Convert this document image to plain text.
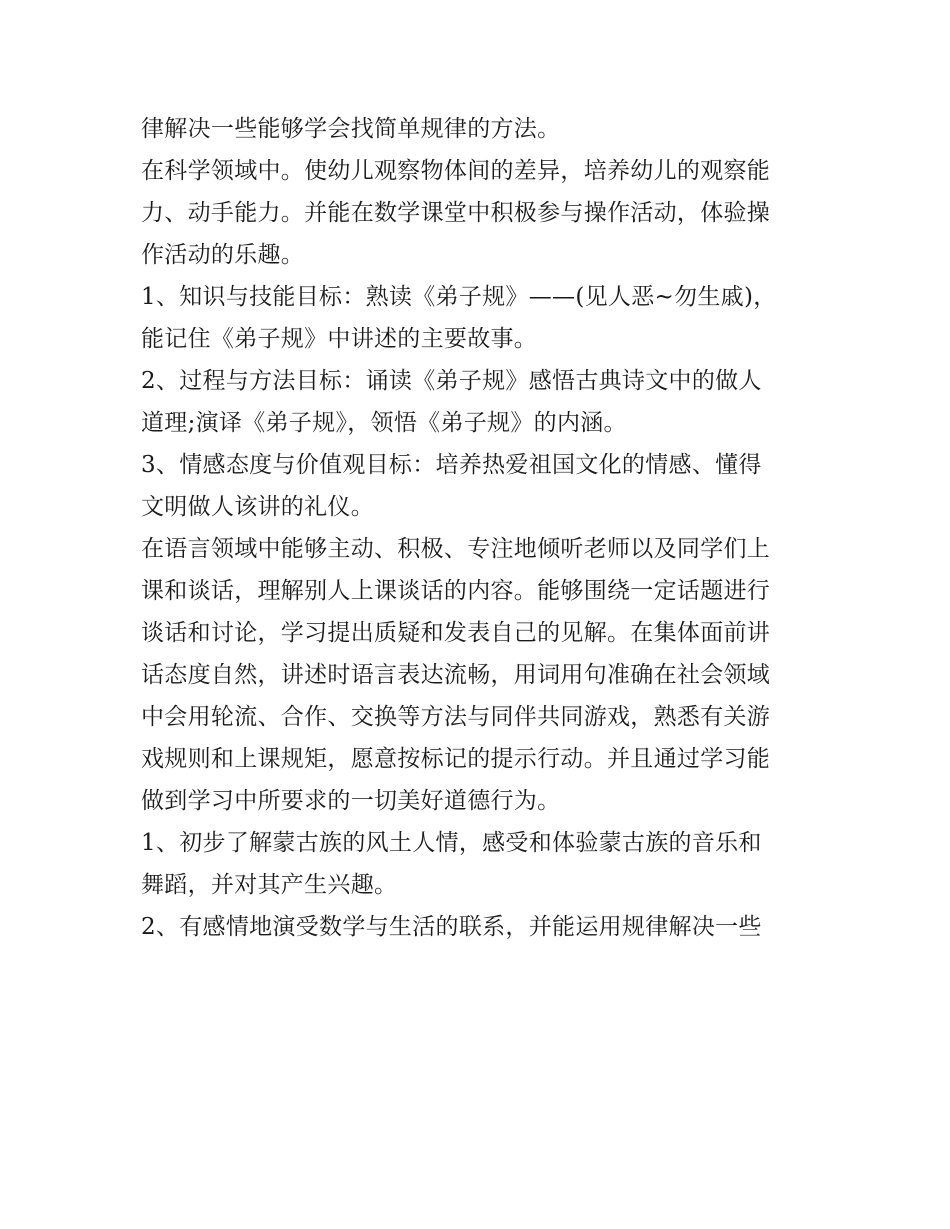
律解决一些能够学会找简单规律的方法。
在科学领域中。使幼儿观察物体间的差异，培养幼儿的观察能
力、动手能力。并能在数学课堂中积极参与操作活动，体验操
作活动的乐趣。
1、知识与技能目标：熟读《弟子规》——(见人恶~勿生戚)，
能记住《弟子规》中讲述的主要故事。
2、过程与方法目标：诵读《弟子规》感悟古典诗文中的做人
道理;演译《弟子规》，领悟《弟子规》的内涵。
3、情感态度与价值观目标：培养热爱祖国文化的情感、懂得
文明做人该讲的礼仪。
在语言领域中能够主动、积极、专注地倾听老师以及同学们上
课和谈话，理解别人上课谈话的内容。能够围绕一定话题进行
谈话和讨论，学习提出质疑和发表自己的见解。在集体面前讲
话态度自然，讲述时语言表达流畅，用词用句准确在社会领域
中会用轮流、合作、交换等方法与同伴共同游戏，熟悉有关游
戏规则和上课规矩，愿意按标记的提示行动。并且通过学习能
做到学习中所要求的一切美好道德行为。
1、初步了解蒙古族的风土人情，感受和体验蒙古族的音乐和
舞蹈，并对其产生兴趣。
2、有感情地演受数学与生活的联系，并能运用规律解决一些
